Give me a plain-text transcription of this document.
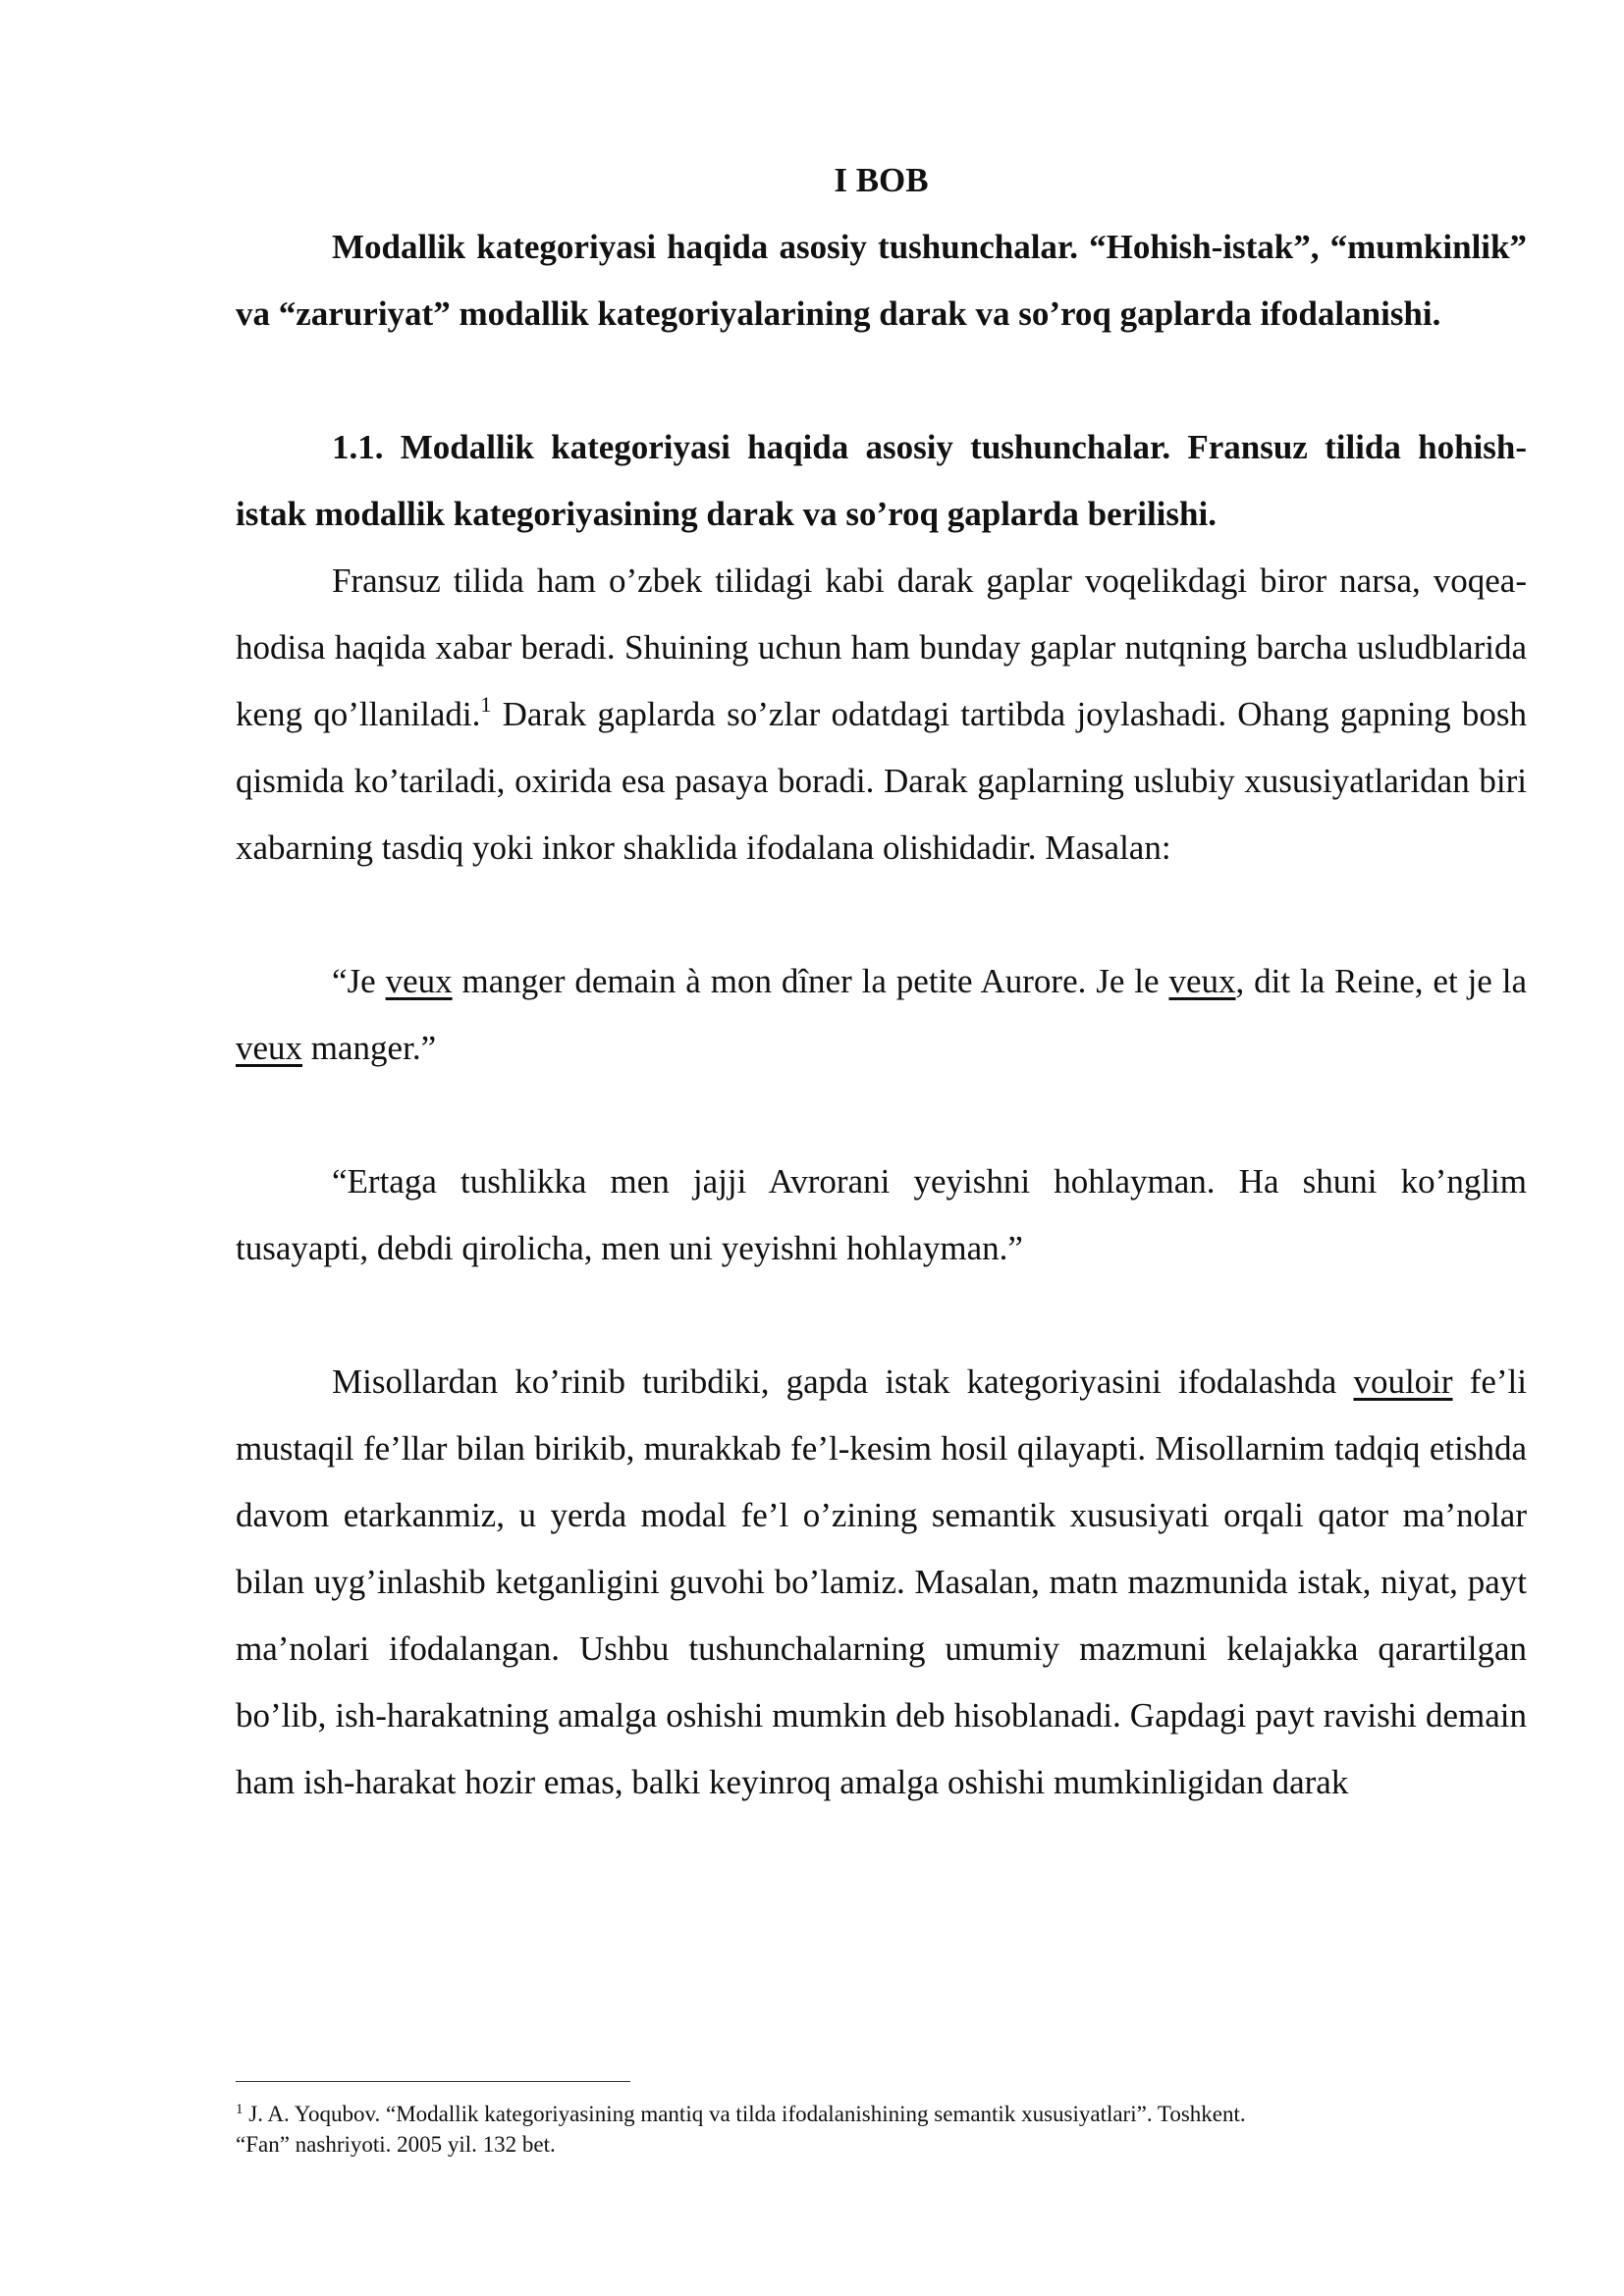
I BOB

Modallik kategoriyasi haqida asosiy tushunchalar. “Hohish-istak”, “mumkinlik” va “zaruriyat” modallik kategoriyalarining darak va so’roq gaplarda ifodalanishi.

1.1. Modallik kategoriyasi haqida asosiy tushunchalar. Fransuz tilida hohish-istak modallik kategoriyasining darak va so’roq gaplarda berilishi.

Fransuz tilida ham o’zbek tilidagi kabi darak gaplar voqelikdagi biror narsa, voqea-hodisa haqida xabar beradi. Shuining uchun ham bunday gaplar nutqning barcha usludblarida keng qo’llaniladi.$^1$ Darak gaplarda so’zlar odatdagi tartibda joylashadi. Ohang gapning bosh qismida ko’tariladi, oxirida esa pasaya boradi. Darak gaplarning uslubiy xususiyatlaridan biri xabarning tasdiq yoki inkor shaklida ifodalana olishidadir. Masalan:

“Je veux manger demain à mon dîner la petite Aurore. Je le veux, dit la Reine, et je la veux manger.”

“Ertaga tushlikka men jajji Avrorani yeyishni hohlayman. Ha shuni ko’nglim tusayapti, debdi qirolicha, men uni yeyishni hohlayman.”

Misollardan ko’rinib turibdiki, gapda istak kategoriyasini ifodalashda vouloir fe’li mustaqil fe’llar bilan birikib, murakkab fe’l-kesim hosil qilayapti. Misollarnim tadqiq etishda davom etarkanmiz, u yerda modal fe’l o’zining semantik xususiyati orqali qator ma’nolar bilan uyg’inlashib ketganligini guvohi bo’lamiz. Masalan, matn mazmunida istak, niyat, payt ma’nolari ifodalangan. Ushbu tushunchalarning umumiy mazmuni kelajakka qarartilgan bo’lib, ish-harakatning amalga oshishi mumkin deb hisoblanadi. Gapdagi payt ravishi demain ham ish-harakat hozir emas, balki keyinroq amalga oshishi mumkinligidan darak

$^1$ J. A. Yoqubov. “Modallik kategoriyasining mantiq va tilda ifodalanishining semantik xususiyatlari”. Toshkent.
“Fan” nashriyoti. 2005 yil. 132 bet.
